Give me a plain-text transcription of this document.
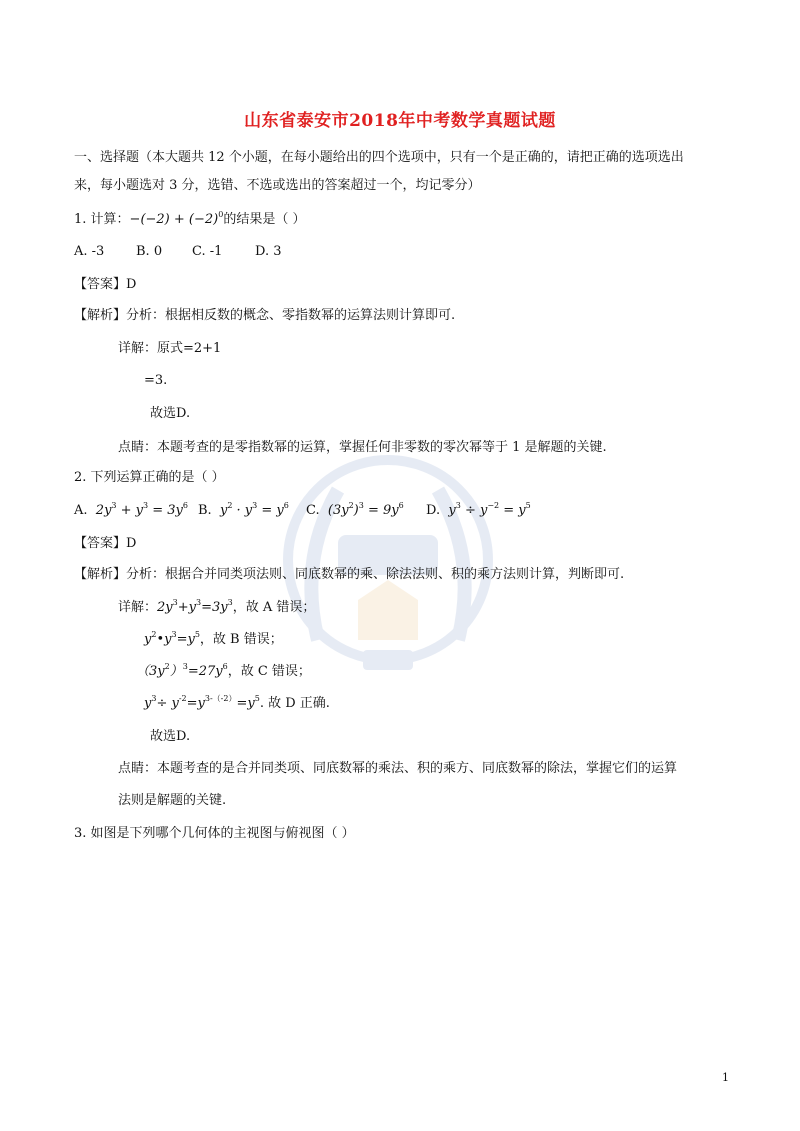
山东省泰安市2018年中考数学真题试题
一、选择题（本大题共 12 个小题，在每小题给出的四个选项中，只有一个是正确的，请把正确的选项选出
来，每小题选对 3 分，选错、不选或选出的答案超过一个，均记零分）
1. 计算：$-(-2) + (-2)^0$的结果是（ ）
A. -3 B. 0 C. -1	D. 3
【答案】D
【解析】分析：根据相反数的概念、零指数幂的运算法则计算即可.
详解：原式=2+1
=3.
故选D.
点睛：本题考查的是零指数幂的运算，掌握任何非零数的零次幂等于 1 是解题的关键.
2. 下列运算正确的是（ ）
A. $2y^3 + y^3 = 3y^6$ B. $y^2 \cdot y^3 = y^6$ C. $(3y^2)^3 = 9y^6$ D. $y^3 \div y^{-2} = y^5$
【答案】D
【解析】分析：根据合并同类项法则、同底数幂的乘、除法法则、积的乘方法则计算，判断即可.
详解：$2y^3+y^3=3y^3$，故 A 错误；
$y^2•y^3=y^5$，故 B 错误；
$(3y^2)^3=27y^6$，故 C 错误；
$y^3\div y^{-2}=y^{3-(-2)}=y^5$. 故 D 正确.
故选D.
点睛：本题考查的是合并同类项、同底数幂的乘法、积的乘方、同底数幂的除法，掌握它们的运算
法则是解题的关键.
3. 如图是下列哪个几何体的主视图与俯视图（ ）
1
